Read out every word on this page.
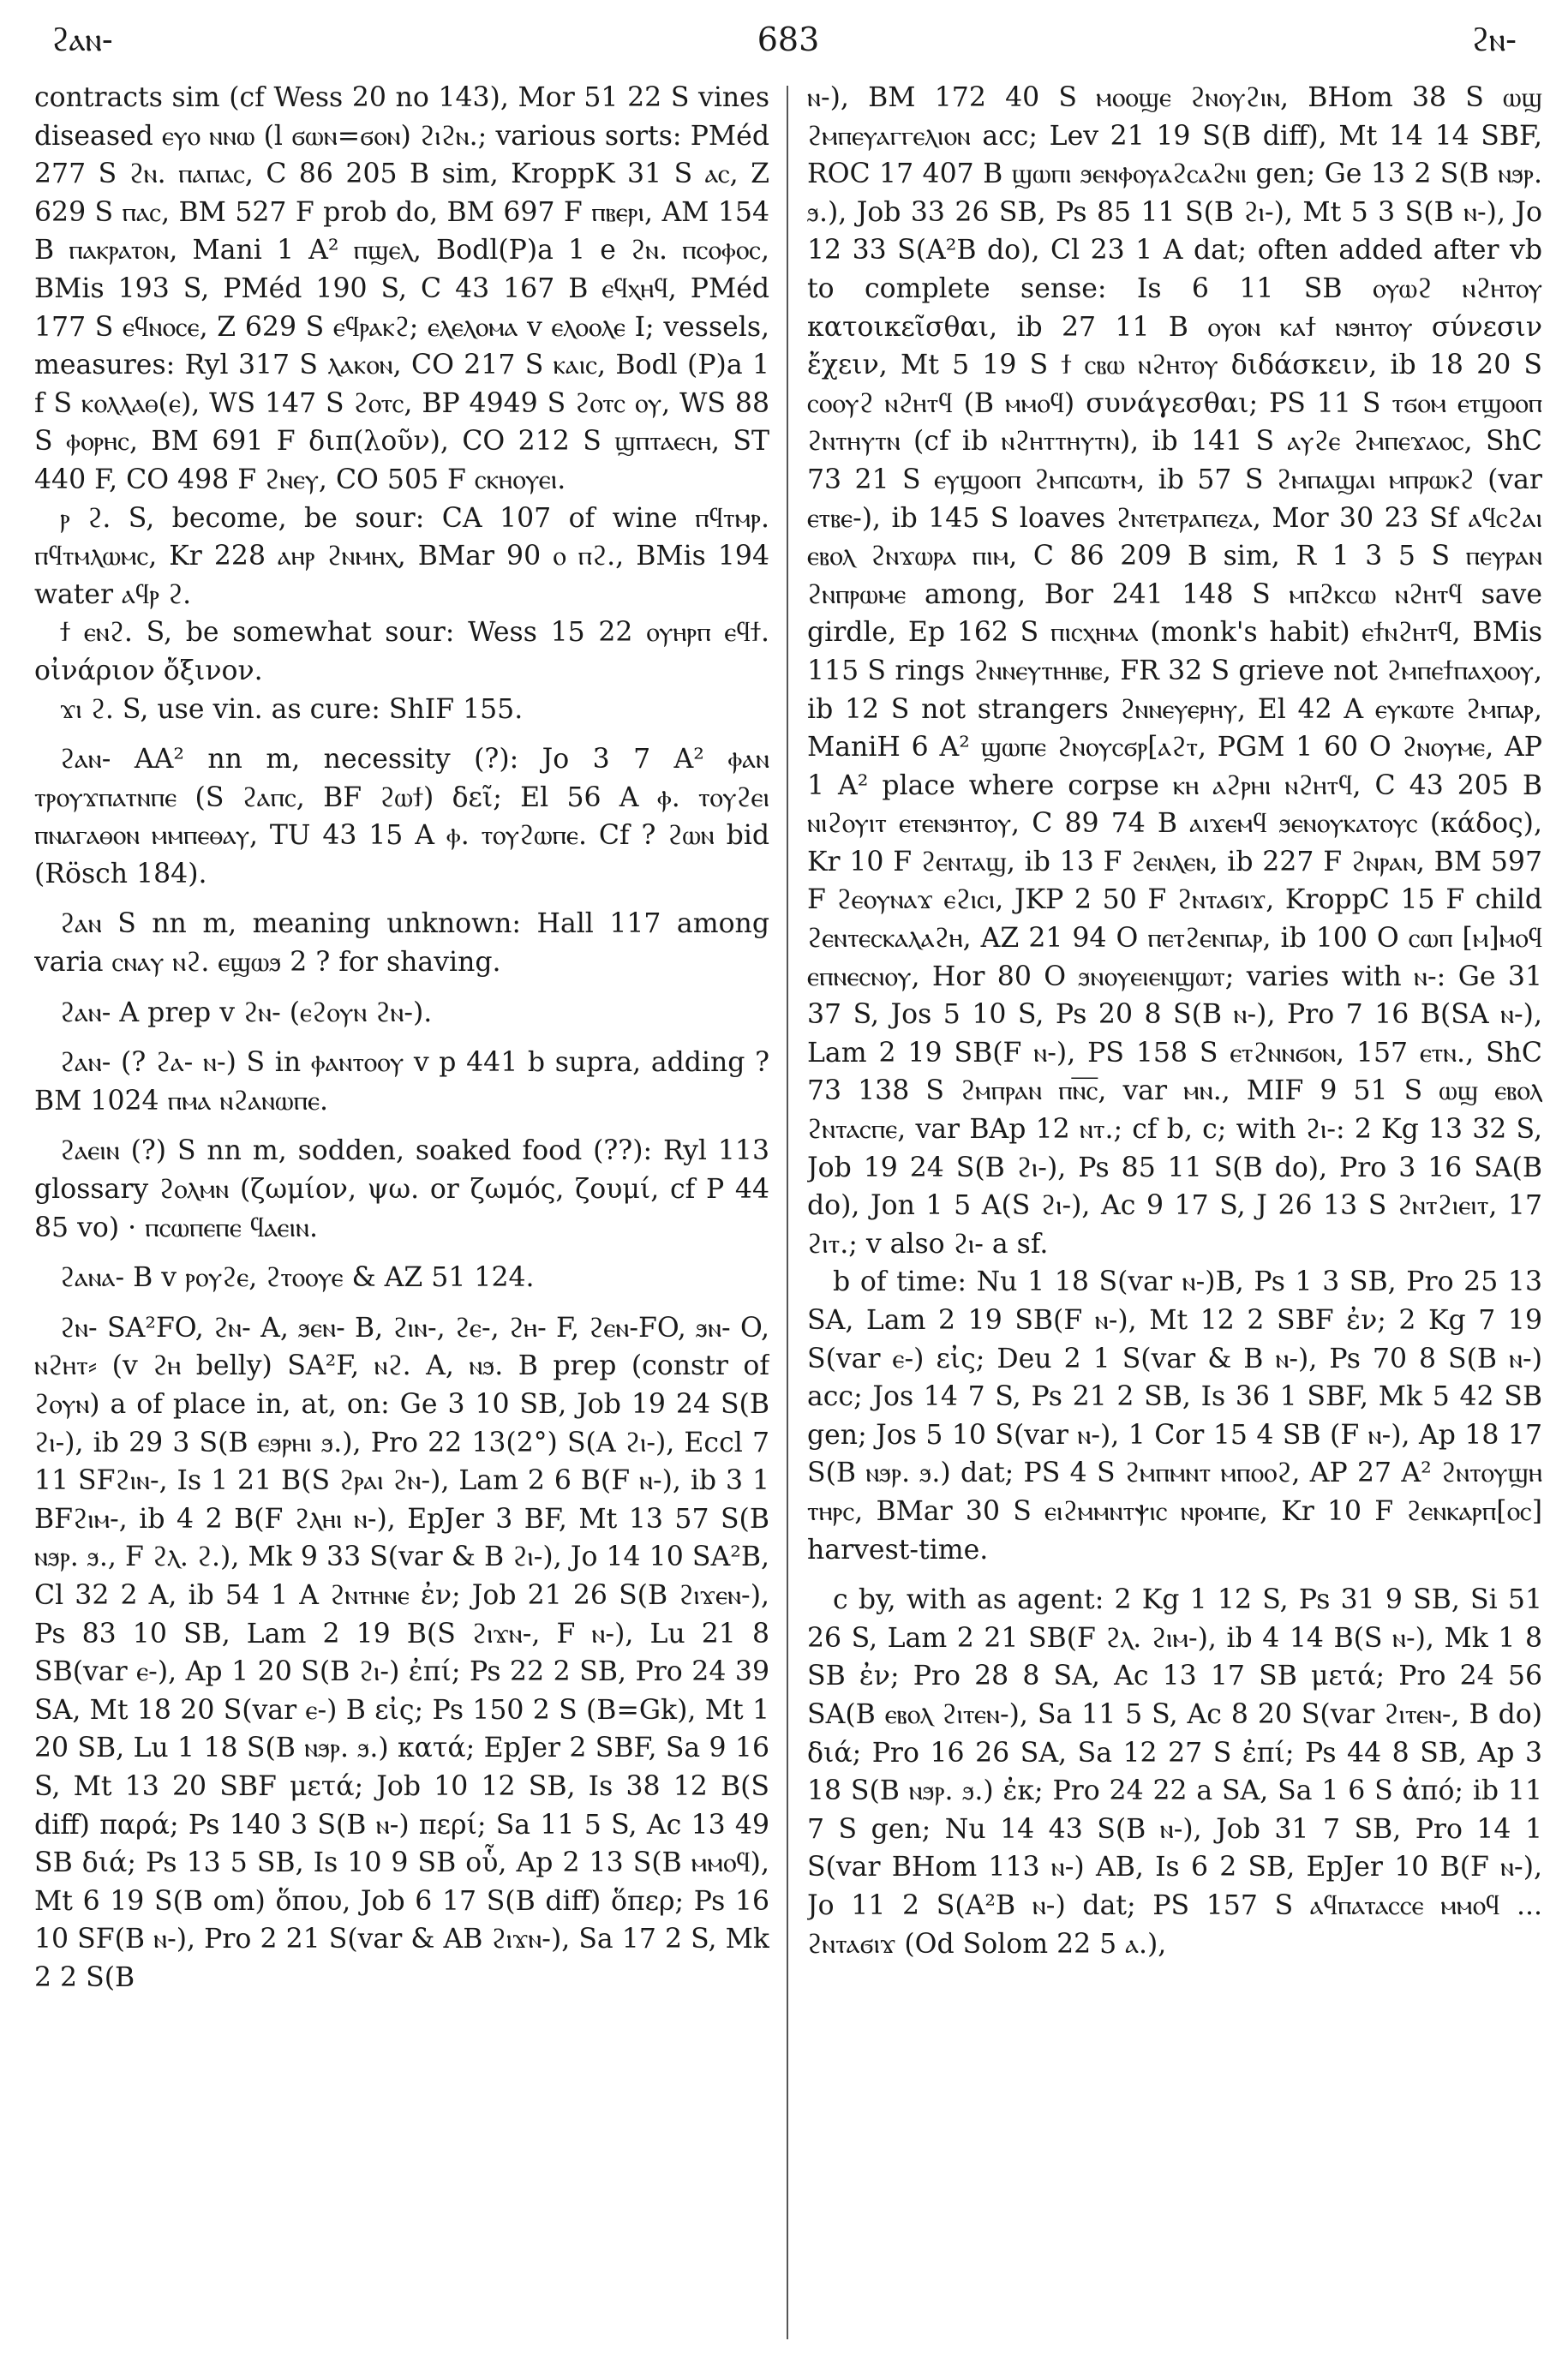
ϩⲁⲛ-	683	ϩⲛ-

contracts sim (cf Wess 20 no 143), Mor 51 22 S vines diseased ⲉⲩⲟ ⲛⲛⲱ (l ϭⲱⲛ=ϭⲟⲛ) ϩⲓϩⲛ.; various sorts: PMéd 277 S ϩⲛ. ⲡⲁⲡⲁⲥ, C 86 205 B sim, KroppK 31 S ⲁⲥ, Z 629 S ⲡⲁⲥ, BM 527 F prob do, BM 697 F ⲡⲃⲉⲣⲓ, AM 154 B ⲡⲁⲕⲣⲁⲧⲟⲛ, Mani 1 A² ⲡϣⲉⲗ, Bodl(P)a 1 e ϩⲛ. ⲡⲥⲟⲫⲟⲥ, BMis 193 S, PMéd 190 S, C 43 167 B ⲉϥⲭⲏϥ, PMéd 177 S ⲉϥⲛⲟⲥⲉ, Z 629 S ⲉϥⲣⲁⲕϩ; ⲉⲗⲉⲗⲟⲙⲁ v ⲉⲗⲟⲟⲗⲉ I; vessels, measures: Ryl 317 S ⲗⲁⲕⲟⲛ, CO 217 S ⲕⲁⲓⲥ, Bodl (P)a 1 f S ⲕⲟⲗⲗⲁⲑ(ⲉ), WS 147 S ϩⲟⲧⲥ, BP 4949 S ϩⲟⲧⲥ ⲟⲩ, WS 88 S ⲫⲟⲣⲏⲥ, BM 691 F διπ(λοῦν), CO 212 S ϣⲡⲧⲁⲉⲥⲏ, ST 440 F, CO 498 F ϩⲛⲉⲩ, CO 505 F ⲥⲕⲏⲟⲩⲉⲓ.

ⲣ ϩ. S, become, be sour: CA 107 of wine ⲡϥⲧⲙⲣ. ⲡϥⲧⲙⲗⲱⲙⲥ, Kr 228 ⲁⲏⲣ ϩⲛⲙⲏⲭ, BMar 90 ⲟ ⲡϩ., BMis 194 water ⲁϥⲣ ϩ.

ϯ ⲉⲛϩ. S, be somewhat sour: Wess 15 22 ⲟⲩⲏⲣⲡ ⲉϥϯ. οἰνάριον ὄξινον.

ϫⲓ ϩ. S, use vin. as cure: ShIF 155.

ϩⲁⲛ- AA² nn m, necessity (?): Jo 3 7 A² ⲫⲁⲛ ⲧⲣⲟⲩϫⲡⲁⲧⲛⲡⲉ (S ϩⲁⲡⲥ, BF ϩⲱϯ) δεῖ; El 56 A ⲫ. ⲧⲟⲩϩⲉⲓ ⲡⲛⲁⲅⲁⲑⲟⲛ ⲙⲙⲡⲉⲑⲁⲩ, TU 43 15 A ⲫ. ⲧⲟⲩϩⲱⲡⲉ. Cf ? ϩⲱⲛ bid (Rösch 184).

ϩⲁⲛ S nn m, meaning unknown: Hall 117 among varia ⲥⲛⲁⲩ ⲛϩ. ⲉϣⲱϧ 2 ? for shaving.

ϩⲁⲛ- A prep v ϩⲛ- (ⲉϩⲟⲩⲛ ϩⲛ-).

ϩⲁⲛ- (? ϩⲁ- ⲛ-) S in ⲫⲁⲛⲧⲟⲟⲩ v p 441 b supra, adding ? BM 1024 ⲡⲙⲁ ⲛϩⲁⲛⲱⲡⲉ.

ϩⲁⲉⲓⲛ (?) S nn m, sodden, soaked food (??): Ryl 113 glossary ϩⲟⲗⲙⲛ (ζωμίον, ψω. or ζωμός, ζουμί, cf P 44 85 vo) · ⲡⲥⲱⲡⲉⲡⲉ ϥⲁⲉⲓⲛ.

ϩⲁⲛⲁ- B v ⲣⲟⲩϩⲉ, ϩⲧⲟⲟⲩⲉ & AZ 51 124.

ϩⲛ- SA²FO, ϩⲛ- A, ϧⲉⲛ- B, ϩⲓⲛ-, ϩⲉ-, ϩⲏ- F, ϩⲉⲛ-FO, ϧⲛ- O, ⲛϩⲏⲧ⸗ (v ϩⲏ belly) SA²F, ⲛϩ. A, ⲛϧ. B prep (constr of ϩⲟⲩⲛ) a of place in, at, on: Ge 3 10 SB, Job 19 24 S(B ϩⲓ-), ib 29 3 S(B ⲉϧⲣⲏⲓ ϧ.), Pro 22 13(2°) S(A ϩⲓ-), Eccl 7 11 SFϩⲓⲛ-, Is 1 21 B(S ϩⲣⲁⲓ ϩⲛ-), Lam 2 6 B(F ⲛ-), ib 3 1 BFϩⲓⲙ-, ib 4 2 B(F ϩⲗⲏⲓ ⲛ-), EpJer 3 BF, Mt 13 57 S(B ⲛϧⲣ. ϧ., F ϩⲗ. ϩ.), Mk 9 33 S(var & B ϩⲓ-), Jo 14 10 SA²B, Cl 32 2 A, ib 54 1 A ϩⲛⲧⲏⲛⲉ ἐν; Job 21 26 S(B ϩⲓϫⲉⲛ-), Ps 83 10 SB, Lam 2 19 B(S ϩⲓϫⲛ-, F ⲛ-), Lu 21 8 SB(var ⲉ-), Ap 1 20 S(B ϩⲓ-) ἐπί; Ps 22 2 SB, Pro 24 39 SA, Mt 18 20 S(var ⲉ-) B εἰς; Ps 150 2 S (B=Gk), Mt 1 20 SB, Lu 1 18 S(B ⲛϧⲣ. ϧ.) κατά; EpJer 2 SBF, Sa 9 16 S, Mt 13 20 SBF μετά; Job 10 12 SB, Is 38 12 B(S diff) παρά; Ps 140 3 S(B ⲛ-) περί; Sa 11 5 S, Ac 13 49 SB διά; Ps 13 5 SB, Is 10 9 SB οὗ, Ap 2 13 S(B ⲙⲙⲟϥ), Mt 6 19 S(B om) ὅπου, Job 6 17 S(B diff) ὅπερ; Ps 16 10 SF(B ⲛ-), Pro 2 21 S(var & AB ϩⲓϫⲛ-), Sa 17 2 S, Mk 2 2 S(B

ⲛ-), BM 172 40 S ⲙⲟⲟϣⲉ ϩⲛⲟⲩϩⲓⲛ, BHom 38 S ⲱϣ ϩⲙⲡⲉⲩⲁⲅⲅⲉⲗⲓⲟⲛ acc; Lev 21 19 S(B diff), Mt 14 14 SBF, ROC 17 407 B ϣⲱⲡⲓ ϧⲉⲛⲫⲟⲩⲁϩⲥⲁϩⲛⲓ gen; Ge 13 2 S(B ⲛϧⲣ. ϧ.), Job 33 26 SB, Ps 85 11 S(B ϩⲓ-), Mt 5 3 S(B ⲛ-), Jo 12 33 S(A²B do), Cl 23 1 A dat; often added after vb to complete sense: Is 6 11 SB ⲟⲩⲱϩ ⲛϩⲏⲧⲟⲩ κατοικεῖσθαι, ib 27 11 B ⲟⲩⲟⲛ ⲕⲁϯ ⲛϧⲏⲧⲟⲩ σύνεσιν ἔχειν, Mt 5 19 S ϯ ⲥⲃⲱ ⲛϩⲏⲧⲟⲩ διδάσκειν, ib 18 20 S ⲥⲟⲟⲩϩ ⲛϩⲏⲧϥ (B ⲙⲙⲟϥ) συνάγεσθαι; PS 11 S ⲧϭⲟⲙ ⲉⲧϣⲟⲟⲡ ϩⲛⲧⲏⲩⲧⲛ (cf ib ⲛϩⲏⲧⲧⲏⲩⲧⲛ), ib 141 S ⲁⲩϩⲉ ϩⲙⲡⲉϫⲁⲟⲥ, ShC 73 21 S ⲉⲩϣⲟⲟⲡ ϩⲙⲡⲥⲱⲧⲙ, ib 57 S ϩⲙⲡⲁϣⲁⲓ ⲙⲡⲣⲱⲕϩ (var ⲉⲧⲃⲉ-), ib 145 S loaves ϩⲛⲧⲉⲧⲣⲁⲡⲉⲍⲁ, Mor 30 23 Sf ⲁϥⲥϩⲁⲓ ⲉⲃⲟⲗ ϩⲛϫⲱⲣⲁ ⲡⲓⲙ, C 86 209 B sim, R 1 3 5 S ⲡⲉⲩⲣⲁⲛ ϩⲛⲡⲣⲱⲙⲉ among, Bor 241 148 S ⲙⲡϩⲕⲥⲱ ⲛϩⲏⲧϥ save girdle, Ep 162 S ⲡⲓⲥⲭⲏⲙⲁ (monk's habit) ⲉϯⲛϩⲏⲧϥ, BMis 115 S rings ϩⲛⲛⲉⲩⲧⲏⲏⲃⲉ, FR 32 S grieve not ϩⲙⲡⲉϯⲡⲁⲭⲟⲟⲩ, ib 12 S not strangers ϩⲛⲛⲉⲩⲉⲣⲏⲩ, El 42 A ⲉⲩⲕⲱⲧⲉ ϩⲙⲡⲁⲣ, ManiH 6 A² ϣⲱⲡⲉ ϩⲛⲟⲩⲥϭⲣ[ⲁϩⲧ, PGM 1 60 O ϩⲛⲟⲩⲙⲉ, AP 1 A² place where corpse ⲕⲏ ⲁϩⲣⲏⲓ ⲛϩⲏⲧϥ, C 43 205 B ⲛⲓϩⲟⲩⲓⲧ ⲉⲧⲉⲛϧⲏⲧⲟⲩ, C 89 74 B ⲁⲓϫⲉⲙϥ ϧⲉⲛⲟⲩⲕⲁⲧⲟⲩⲥ (κάδος), Kr 10 F ϩⲉⲛⲧⲁϣ, ib 13 F ϩⲉⲛⲗⲉⲛ, ib 227 F ϩⲛⲣⲁⲛ, BM 597 F ϩⲉⲟⲩⲛⲁϫ ⲉϩⲓⲥⲓ, JKP 2 50 F ϩⲛⲧⲁϭⲓϫ, KroppC 15 F child ϩⲉⲛⲧⲉⲥⲕⲁⲗⲁϩⲏ, AZ 21 94 O ⲡⲉⲧϩⲉⲛⲡⲁⲣ, ib 100 O ⲥⲱⲡ [ⲙ]ⲙⲟϥ ⲉⲡⲛⲉⲥⲛⲟⲩ, Hor 80 O ϧⲛⲟⲩⲉⲓⲉⲛϣⲱⲧ; varies with ⲛ-: Ge 31 37 S, Jos 5 10 S, Ps 20 8 S(B ⲛ-), Pro 7 16 B(SA ⲛ-), Lam 2 19 SB(F ⲛ-), PS 158 S ⲉⲧϩⲛⲛϭⲟⲛ, 157 ⲉⲧⲛ., ShC 73 138 S ϩⲙⲡⲣⲁⲛ ⲡⲛ̅ⲥ̅, var ⲙⲛ., MIF 9 51 S ⲱϣ ⲉⲃⲟⲗ ϩⲛⲧⲁⲥⲡⲉ, var BAp 12 ⲛⲧ.; cf b, c; with ϩⲓ-: 2 Kg 13 32 S, Job 19 24 S(B ϩⲓ-), Ps 85 11 S(B do), Pro 3 16 SA(B do), Jon 1 5 A(S ϩⲓ-), Ac 9 17 S, J 26 13 S ϩⲛⲧϩⲓⲉⲓⲧ, 17 ϩⲓⲧ.; v also ϩⲓ- a sf.

b of time: Nu 1 18 S(var ⲛ-)B, Ps 1 3 SB, Pro 25 13 SA, Lam 2 19 SB(F ⲛ-), Mt 12 2 SBF ἐν; 2 Kg 7 19 S(var ⲉ-) εἰς; Deu 2 1 S(var & B ⲛ-), Ps 70 8 S(B ⲛ-) acc; Jos 14 7 S, Ps 21 2 SB, Is 36 1 SBF, Mk 5 42 SB gen; Jos 5 10 S(var ⲛ-), 1 Cor 15 4 SB (F ⲛ-), Ap 18 17 S(B ⲛϧⲣ. ϧ.) dat; PS 4 S ϩⲙⲡⲙⲛⲧ ⲙⲡⲟⲟϩ, AP 27 A² ϩⲛⲧⲟⲩϣⲏ ⲧⲏⲣⲥ, BMar 30 S ⲉⲓϩⲙⲙⲛⲧⲯⲓⲥ ⲛⲣⲟⲙⲡⲉ, Kr 10 F ϩⲉⲛⲕⲁⲣⲡ[ⲟⲥ] harvest-time.

c by, with as agent: 2 Kg 1 12 S, Ps 31 9 SB, Si 51 26 S, Lam 2 21 SB(F ϩⲗ. ϩⲓⲙ-), ib 4 14 B(S ⲛ-), Mk 1 8 SB ἐν; Pro 28 8 SA, Ac 13 17 SB μετά; Pro 24 56 SA(B ⲉⲃⲟⲗ ϩⲓⲧⲉⲛ-), Sa 11 5 S, Ac 8 20 S(var ϩⲓⲧⲉⲛ-, B do) διά; Pro 16 26 SA, Sa 12 27 S ἐπί; Ps 44 8 SB, Ap 3 18 S(B ⲛϧⲣ. ϧ.) ἐκ; Pro 24 22 a SA, Sa 1 6 S ἀπό; ib 11 7 S gen; Nu 14 43 S(B ⲛ-), Job 31 7 SB, Pro 14 1 S(var BHom 113 ⲛ-) AB, Is 6 2 SB, EpJer 10 B(F ⲛ-), Jo 11 2 S(A²B ⲛ-) dat; PS 157 S ⲁϥⲡⲁⲧⲁⲥⲥⲉ ⲙⲙⲟϥ ... ϩⲛⲧⲁϭⲓϫ (Od Solom 22 5 ⲁ.),
